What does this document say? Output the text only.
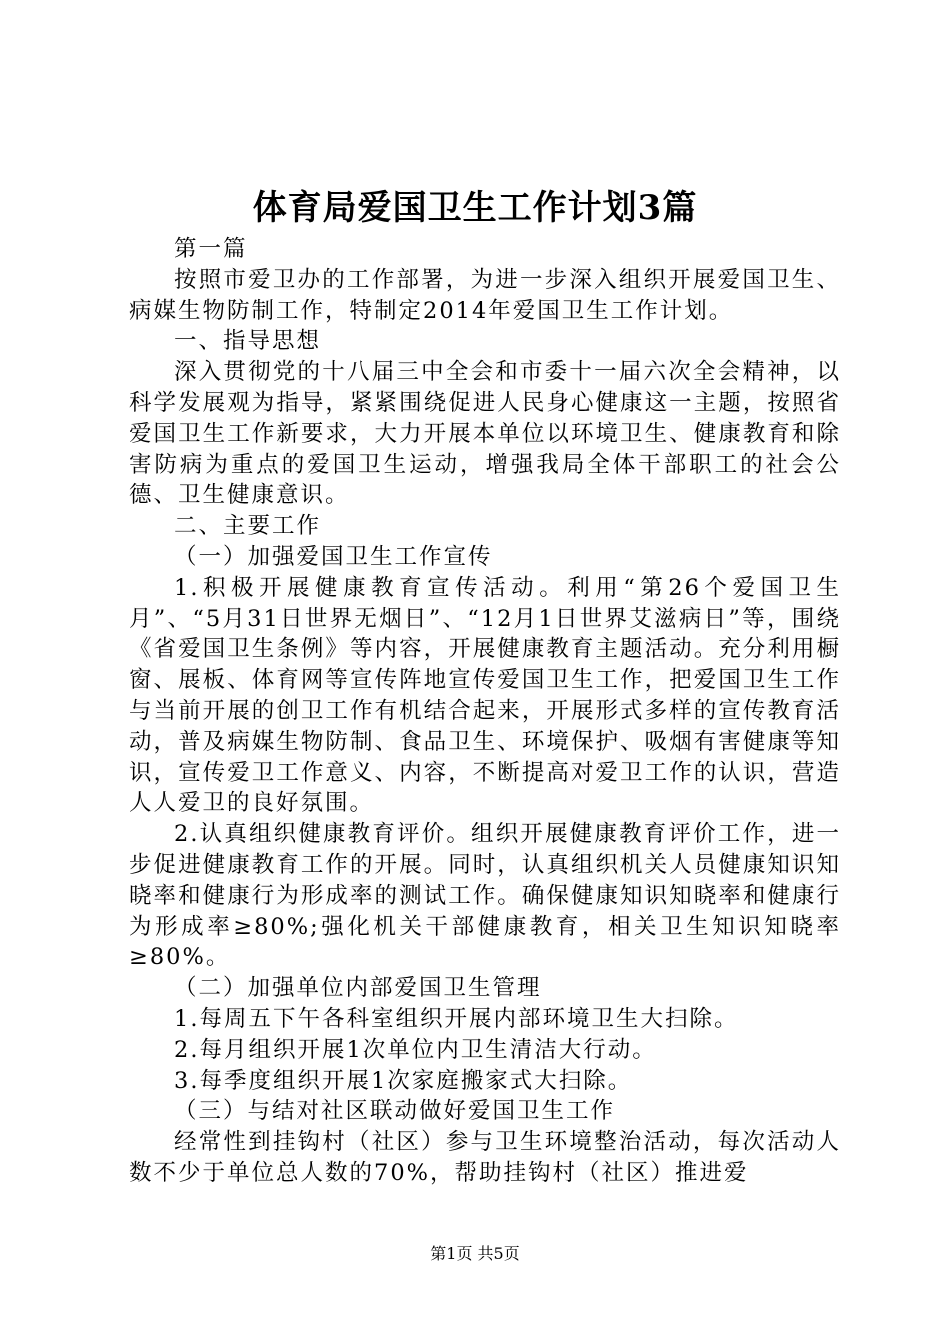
体育局爱国卫生工作计划3篇

第一篇

按照市爱卫办的工作部署，为进一步深入组织开展爱国卫生、病媒生物防制工作，特制定2014年爱国卫生工作计划。

一、指导思想

深入贯彻党的十八届三中全会和市委十一届六次全会精神，以科学发展观为指导，紧紧围绕促进人民身心健康这一主题，按照省爱国卫生工作新要求，大力开展本单位以环境卫生、健康教育和除害防病为重点的爱国卫生运动，增强我局全体干部职工的社会公德、卫生健康意识。

二、主要工作

（一）加强爱国卫生工作宣传

1.积极开展健康教育宣传活动。利用“第26个爱国卫生月”、“5月31日世界无烟日”、“12月1日世界艾滋病日”等，围绕《省爱国卫生条例》等内容，开展健康教育主题活动。充分利用橱窗、展板、体育网等宣传阵地宣传爱国卫生工作，把爱国卫生工作与当前开展的创卫工作有机结合起来，开展形式多样的宣传教育活动，普及病媒生物防制、食品卫生、环境保护、吸烟有害健康等知识，宣传爱卫工作意义、内容，不断提高对爱卫工作的认识，营造人人爱卫的良好氛围。

2.认真组织健康教育评价。组织开展健康教育评价工作，进一步促进健康教育工作的开展。同时，认真组织机关人员健康知识知晓率和健康行为形成率的测试工作。确保健康知识知晓率和健康行为形成率≥80%;强化机关干部健康教育，相关卫生知识知晓率≥80%。

（二）加强单位内部爱国卫生管理

1.每周五下午各科室组织开展内部环境卫生大扫除。

2.每月组织开展1次单位内卫生清洁大行动。

3.每季度组织开展1次家庭搬家式大扫除。

（三）与结对社区联动做好爱国卫生工作

经常性到挂钩村（社区）参与卫生环境整治活动，每次活动人数不少于单位总人数的70%，帮助挂钩村（社区）推进爱

第1页 共5页
